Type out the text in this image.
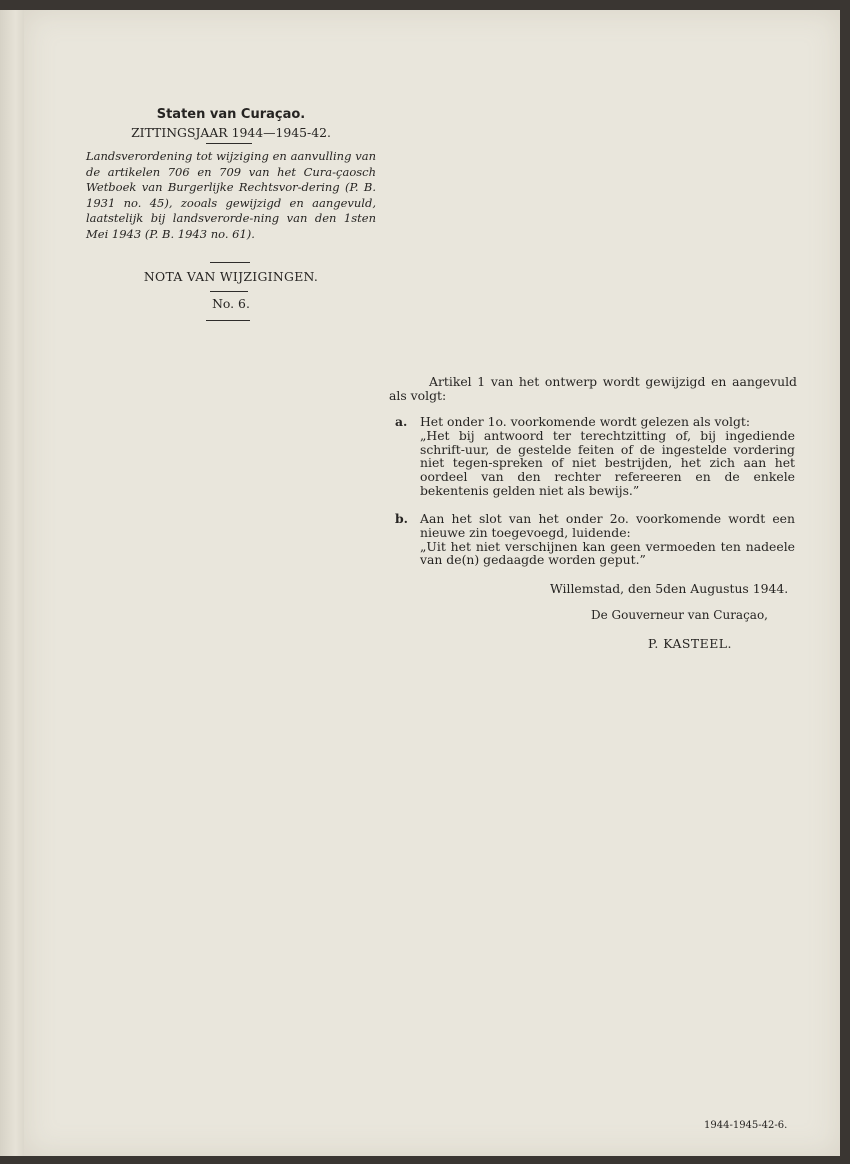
Staten van Curaçao.
ZITTINGSJAAR 1944—1945-42.
Landsverordening tot wijziging en aanvulling van de artikelen 706 en 709 van het Cura-çaosch Wetboek van Burgerlijke Rechtsvor-dering (P. B. 1931 no. 45), zooals gewijzigd en aangevuld, laatstelijk bij landsverorde-ning van den 1sten Mei 1943 (P. B. 1943 no. 61).
NOTA VAN WIJZIGINGEN.
No. 6.
Artikel 1 van het ontwerp wordt gewijzigd en aangevuld als volgt:
a. Het onder 1o. voorkomende wordt gelezen als volgt:
„Het bij antwoord ter terechtzitting of, bij ingediende schrift-uur, de gestelde feiten of de ingestelde vordering niet tegen-spreken of niet bestrijden, het zich aan het oordeel van den rechter refereeren en de enkele bekentenis gelden niet als bewijs.”
b. Aan het slot van het onder 2o. voorkomende wordt een nieuwe zin toegevoegd, luidende:
„Uit het niet verschijnen kan geen vermoeden ten nadeele van de(n) gedaagde worden geput.”
Willemstad, den 5den Augustus 1944.
De Gouverneur van Curaçao,
P. KASTEEL.
1944-1945-42-6.
